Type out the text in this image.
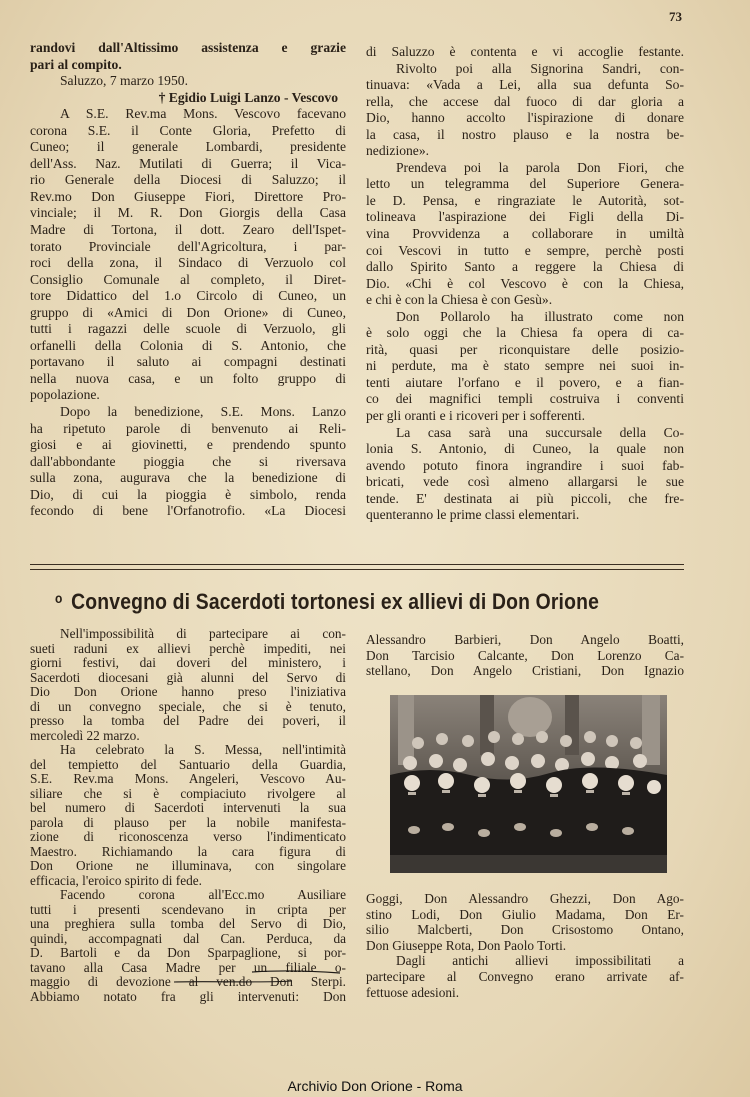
73
randovi dall'Altissimo assistenza e grazie
pari al compito.
Saluzzo, 7 marzo 1950.
† Egidio Luigi Lanzo - Vescovo
A S.E. Rev.ma Mons. Vescovo facevano
corona S.E. il Conte Gloria, Prefetto di
Cuneo; il generale Lombardi, presidente
dell'Ass. Naz. Mutilati di Guerra; il Vica-
rio Generale della Diocesi di Saluzzo; il
Rev.mo Don Giuseppe Fiori, Direttore Pro-
vinciale; il M. R. Don Giorgis della Casa
Madre di Tortona, il dott. Zearo dell'Ispet-
torato Provinciale dell'Agricoltura, i par-
roci della zona, il Sindaco di Verzuolo col
Consiglio Comunale al completo, il Diret-
tore Didattico del 1.o Circolo di Cuneo, un
gruppo di «Amici di Don Orione» di Cuneo,
tutti i ragazzi delle scuole di Verzuolo, gli
orfanelli della Colonia di S. Antonio, che
portavano il saluto ai compagni destinati
nella nuova casa, e un folto gruppo di
popolazione.
Dopo la benedizione, S.E. Mons. Lanzo
ha ripetuto parole di benvenuto ai Reli-
giosi e ai giovinetti, e prendendo spunto
dall'abbondante pioggia che si riversava
sulla zona, augurava che la benedizione di
Dio, di cui la pioggia è simbolo, renda
fecondo di bene l'Orfanotrofio. «La Diocesi
di Saluzzo è contenta e vi accoglie festante.
Rivolto poi alla Signorina Sandri, con-
tinuava: «Vada a Lei, alla sua defunta So-
rella, che accese dal fuoco di dar gloria a
Dio, hanno accolto l'ispirazione di donare
la casa, il nostro plauso e la nostra be-
nedizione».
Prendeva poi la parola Don Fiori, che
letto un telegramma del Superiore Genera-
le D. Pensa, e ringraziate le Autorità, sot-
tolineava l'aspirazione dei Figli della Di-
vina Provvidenza a collaborare in umiltà
coi Vescovi in tutto e sempre, perchè posti
dallo Spirito Santo a reggere la Chiesa di
Dio. «Chi è col Vescovo è con la Chiesa,
e chi è con la Chiesa è con Gesù».
Don Pollarolo ha illustrato come non
è solo oggi che la Chiesa fa opera di ca-
rità, quasi per riconquistare delle posizio-
ni perdute, ma è stato sempre nei suoi in-
tenti aiutare l'orfano e il povero, e a fian-
co dei magnifici templi costruiva i conventi
per gli oranti e i ricoveri per i sofferenti.
La casa sarà una succursale della Co-
lonia S. Antonio, di Cuneo, la quale non
avendo potuto finora ingrandire i suoi fab-
bricati, vede così almeno allargarsi le sue
tende. E' destinata ai più piccoli, che fre-
quenteranno le prime classi elementari.
$^o$ Convegno di Sacerdoti tortonesi ex allievi di Don Orione
Nell'impossibilità di partecipare ai con-
sueti raduni ex allievi perchè impediti, nei
giorni festivi, dai doveri del ministero, i
Sacerdoti diocesani già alunni del Servo di
Dio Don Orione hanno preso l'iniziativa
di un convegno speciale, che si è tenuto,
presso la tomba del Padre dei poveri, il
mercoledì 22 marzo.
Ha celebrato la S. Messa, nell'intimità
del tempietto del Santuario della Guardia,
S.E. Rev.ma Mons. Angeleri, Vescovo Au-
siliare che si è compiaciuto rivolgere al
bel numero di Sacerdoti intervenuti la sua
parola di plauso per la nobile manifesta-
zione di riconoscenza verso l'indimenticato
Maestro. Richiamando la cara figura di
Don Orione ne illuminava, con singolare
efficacia, l'eroico spirito di fede.
Facendo corona all'Ecc.mo Ausiliare
tutti i presenti scendevano in cripta per
una preghiera sulla tomba del Servo di Dio,
quindi, accompagnati dal Can. Perduca, da
D. Bartoli e da Don Sparpaglione, si por-
tavano alla Casa Madre per un filiale o-
maggio di devozione al ven.do Don Sterpi.
Abbiamo notato fra gli intervenuti: Don
Alessandro Barbieri, Don Angelo Boatti,
Don Tarcisio Calcante, Don Lorenzo Ca-
stellano, Don Angelo Cristiani, Don Ignazio
Goggi, Don Alessandro Ghezzi, Don Ago-
stino Lodi, Don Giulio Madama, Don Er-
silio Malcberti, Don Crisostomo Ontano,
Don Giuseppe Rota, Don Paolo Torti.
Dagli antichi allievi impossibilitati a
partecipare al Convegno erano arrivate af-
fettuose adesioni.
Archivio Don Orione - Roma
